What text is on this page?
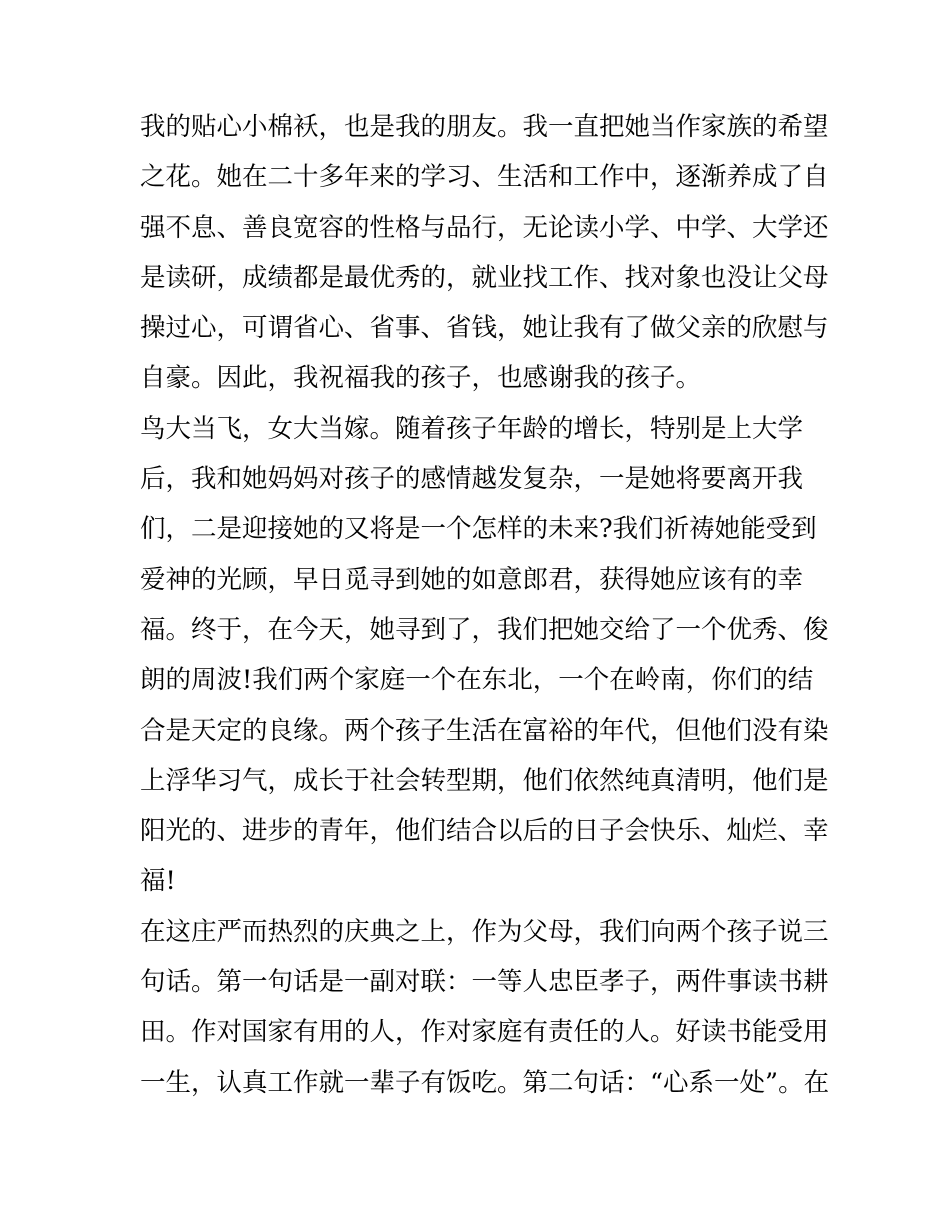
我的贴心小棉袄，也是我的朋友。我一直把她当作家族的希望
之花。她在二十多年来的学习、生活和工作中，逐渐养成了自
强不息、善良宽容的性格与品行，无论读小学、中学、大学还
是读研，成绩都是最优秀的，就业找工作、找对象也没让父母
操过心，可谓省心、省事、省钱，她让我有了做父亲的欣慰与
自豪。因此，我祝福我的孩子，也感谢我的孩子。
鸟大当飞，女大当嫁。随着孩子年龄的增长，特别是上大学
后，我和她妈妈对孩子的感情越发复杂，一是她将要离开我
们，二是迎接她的又将是一个怎样的未来?我们祈祷她能受到
爱神的光顾，早日觅寻到她的如意郎君，获得她应该有的幸
福。终于，在今天，她寻到了，我们把她交给了一个优秀、俊
朗的周波!我们两个家庭一个在东北，一个在岭南，你们的结
合是天定的良缘。两个孩子生活在富裕的年代，但他们没有染
上浮华习气，成长于社会转型期，他们依然纯真清明，他们是
阳光的、进步的青年，他们结合以后的日子会快乐、灿烂、幸
福!
在这庄严而热烈的庆典之上，作为父母，我们向两个孩子说三
句话。第一句话是一副对联：一等人忠臣孝子，两件事读书耕
田。作对国家有用的人，作对家庭有责任的人。好读书能受用
一生，认真工作就一辈子有饭吃。第二句话：“心系一处”。在
